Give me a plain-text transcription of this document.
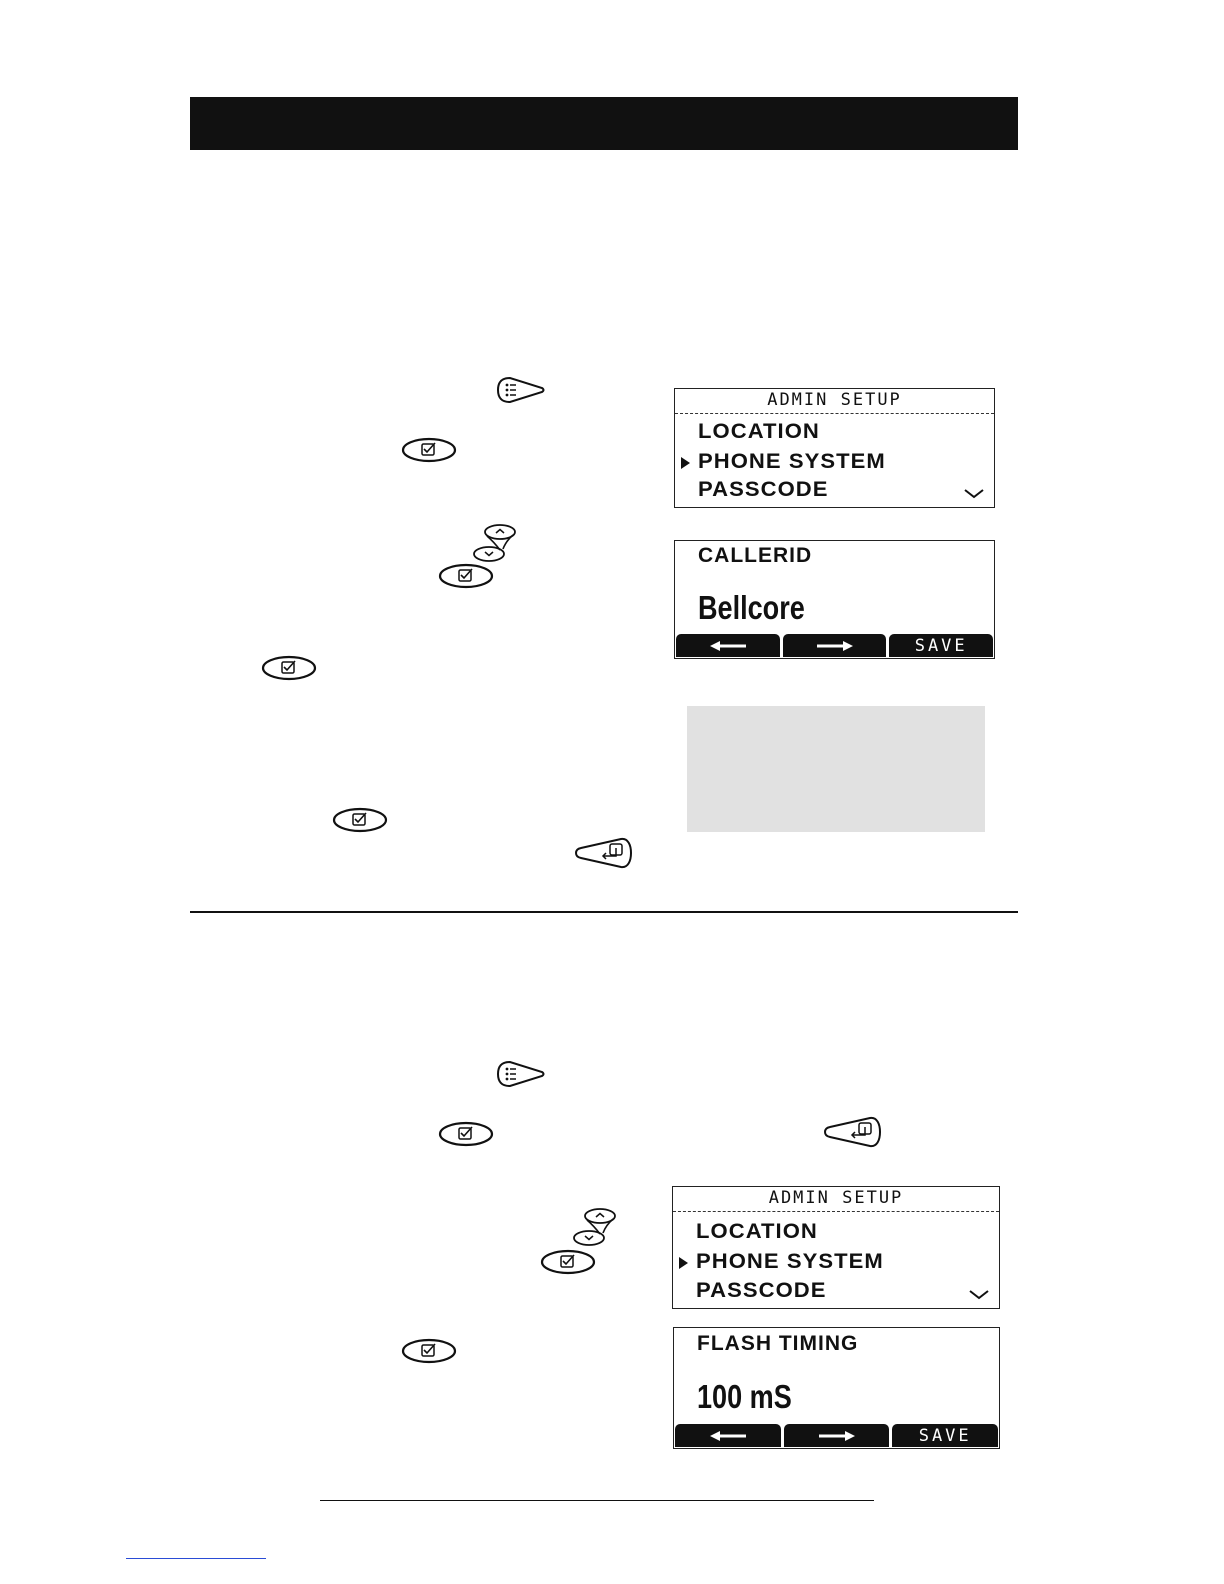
ADMIN SETUP
LOCATION
PHONE SYSTEM
PASSCODE
CALLERID
Bellcore
SAVE
ADMIN SETUP
LOCATION
PHONE SYSTEM
PASSCODE
FLASH TIMING
100 mS
SAVE
